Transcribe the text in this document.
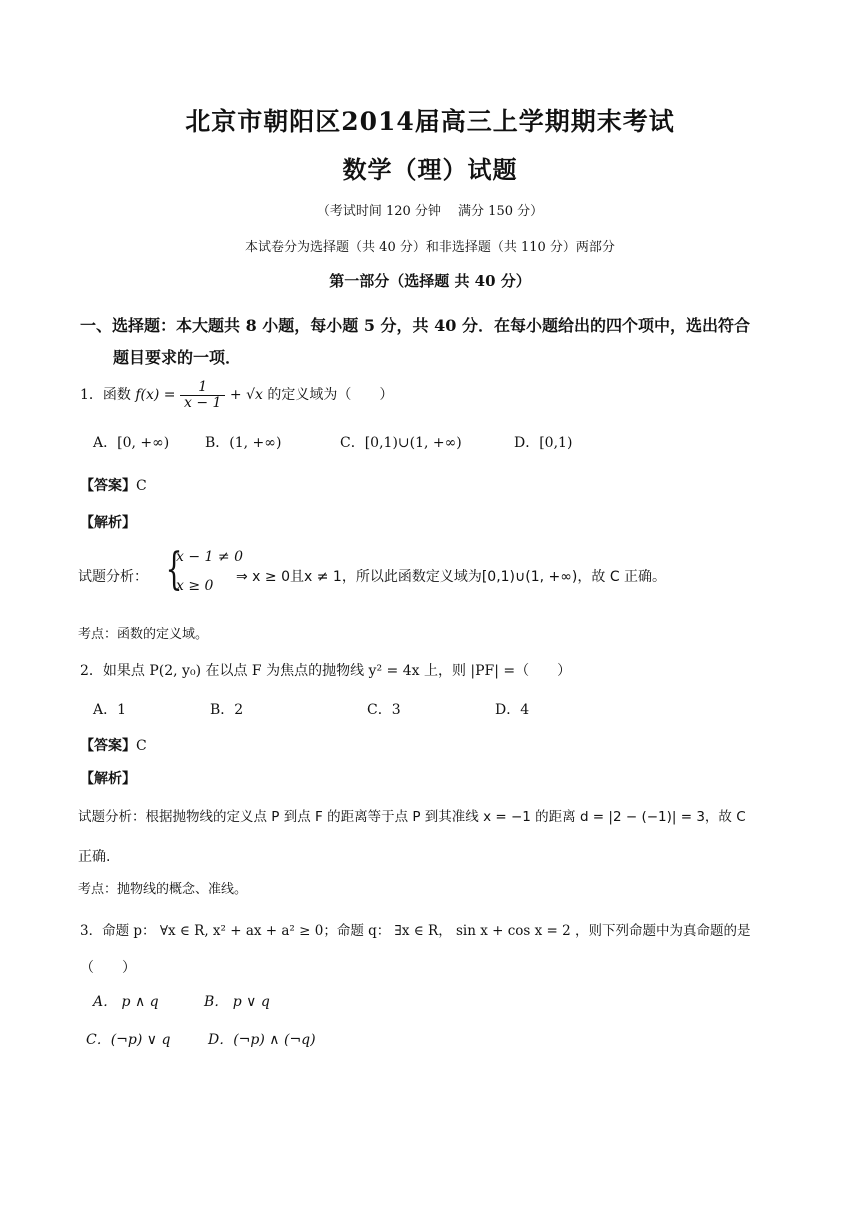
北京市朝阳区2014届高三上学期期末考试
数学（理）试题
（考试时间 120 分钟　 满分 150 分）
本试卷分为选择题（共 40 分）和非选择题（共 110 分）两部分
第一部分（选择题 共 40 分）
一、选择题：本大题共 8 小题，每小题 5 分，共 40 分．在每小题给出的四个项中，选出符合
题目要求的一项．
1．函数 $f(x) = \frac{1}{x - 1} + √x$ 的定义域为（　　）
A．[0, +∞)	B．(1, +∞)	C．[0,1)∪(1, +∞)	D．[0,1)
【答案】C
【解析】
试题分析： {
x − 1 ≠ 0
x ≥ 0
⇒ x ≥ 0且x ≠ 1，所以此函数定义域为[0,1)∪(1, +∞)，故 C 正确。
考点：函数的定义域。
2．如果点 P(2, y₀) 在以点 F 为焦点的抛物线 y² = 4x 上，则 |PF| =（　　）
A．1	B．2	C．3	D．4
【答案】C
【解析】
试题分析：根据抛物线的定义点 P 到点 F 的距离等于点 P 到其准线 x = −1 的距离 d = |2 − (−1)| = 3，故 C
正确.
考点：抛物线的概念、准线。
3．命题 p： ∀x ∈ R, x² + ax + a² ≥ 0；命题 q： ∃x ∈ R， sin x + cos x = 2 ，则下列命题中为真命题的是
（　　）
A． p ∧ q	B． p ∨ q
C．(¬p) ∨ q	D．(¬p) ∧ (¬q)
